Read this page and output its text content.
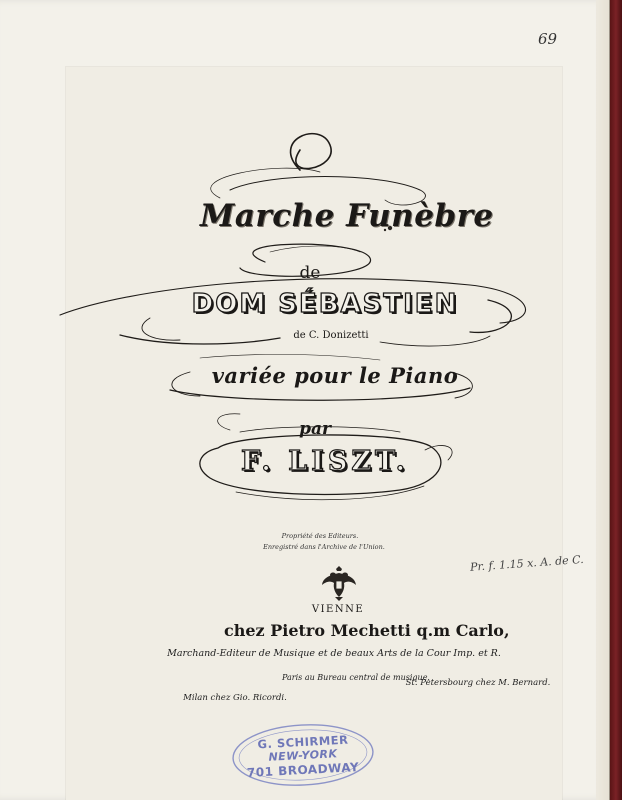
69
Marche Funèbre
de
DOM SÉBASTIEN
de C. Donizetti
variée pour le Piano
par
F. LISZT.
Propriété des Editeurs.
Enregistré dans l'Archive de l'Union.
Pr. f. 1.15 x. A. de C.
VIENNE
chez Pietro Mechetti q.m Carlo,
Marchand-Editeur de Musique et de beaux Arts de la Cour Imp. et R.
Paris au Bureau central de musique.
St. Petersbourg chez M. Bernard.
Milan chez Gio. Ricordi.
G. SCHIRMER
NEW-YORK
701 BROADWAY
